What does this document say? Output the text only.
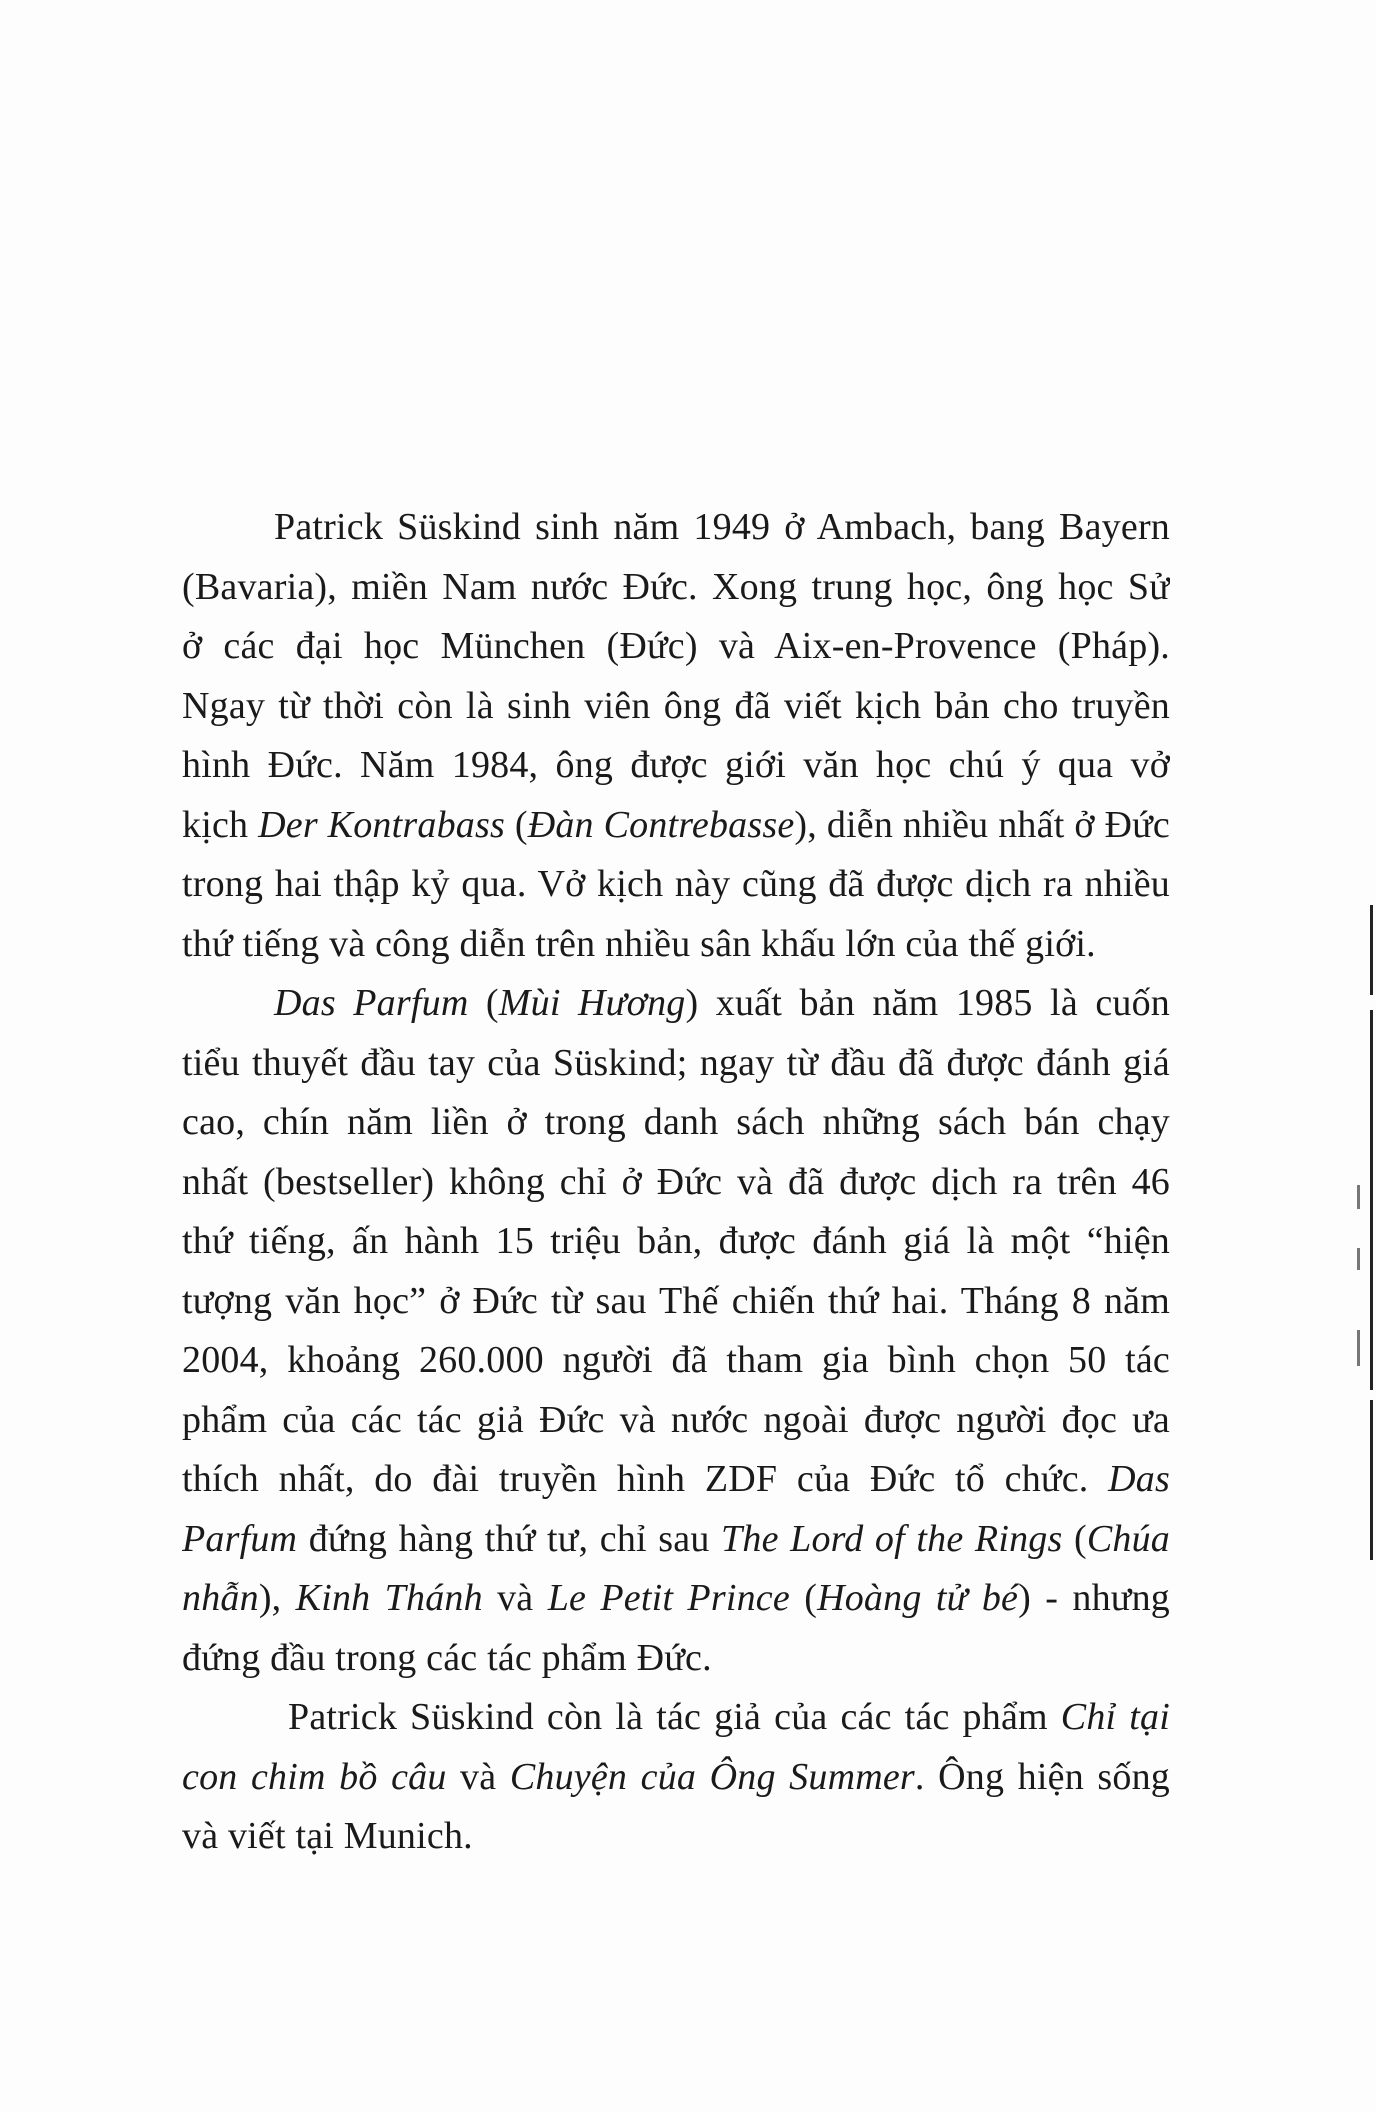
Patrick Süskind sinh năm 1949 ở Ambach, bang Bayern
(Bavaria), miền Nam nước Đức. Xong trung học, ông học Sử
ở các đại học München (Đức) và Aix-en-Provence (Pháp).
Ngay từ thời còn là sinh viên ông đã viết kịch bản cho truyền
hình Đức. Năm 1984, ông được giới văn học chú ý qua vở
kịch Der Kontrabass (Đàn Contrebasse), diễn nhiều nhất ở Đức
trong hai thập kỷ qua. Vở kịch này cũng đã được dịch ra nhiều
thứ tiếng và công diễn trên nhiều sân khấu lớn của thế giới.
Das Parfum (Mùi Hương) xuất bản năm 1985 là cuốn
tiểu thuyết đầu tay của Süskind; ngay từ đầu đã được đánh giá
cao, chín năm liền ở trong danh sách những sách bán chạy
nhất (bestseller) không chỉ ở Đức và đã được dịch ra trên 46
thứ tiếng, ấn hành 15 triệu bản, được đánh giá là một “hiện
tượng văn học” ở Đức từ sau Thế chiến thứ hai. Tháng 8 năm
2004, khoảng 260.000 người đã tham gia bình chọn 50 tác
phẩm của các tác giả Đức và nước ngoài được người đọc ưa
thích nhất, do đài truyền hình ZDF của Đức tổ chức. Das
Parfum đứng hàng thứ tư, chỉ sau The Lord of the Rings (Chúa
nhẫn), Kinh Thánh và Le Petit Prince (Hoàng tử bé) - nhưng
đứng đầu trong các tác phẩm Đức.
Patrick Süskind còn là tác giả của các tác phẩm Chỉ tại
con chim bồ câu và Chuyện của Ông Summer. Ông hiện sống
và viết tại Munich.
